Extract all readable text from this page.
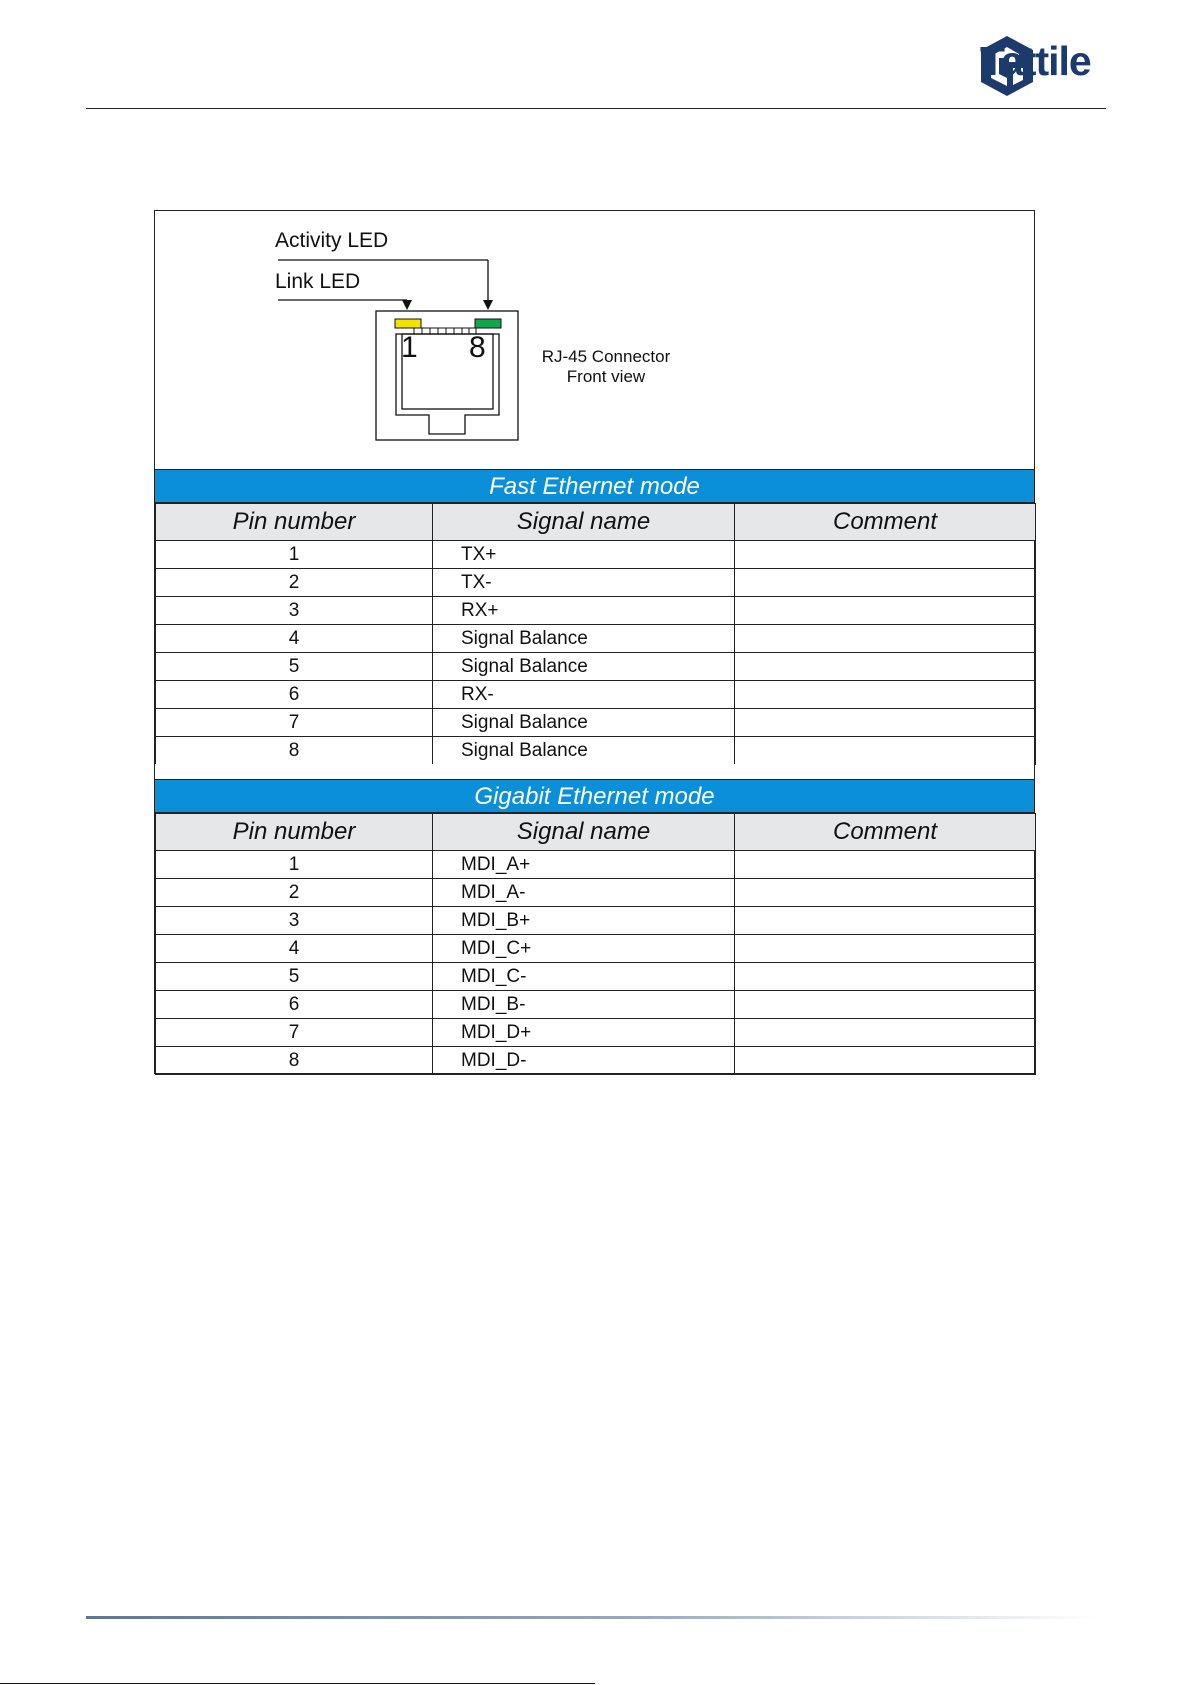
Tattile
Activity LED
Link LED
1 8	RJ-45 Connector
Front view
Fast Ethernet mode
Pin number	Signal name	Comment
1	TX+	
2	TX-	
3	RX+	
4	Signal Balance	
5	Signal Balance	
6	RX-	
7	Signal Balance	
8	Signal Balance	
Gigabit Ethernet mode
Pin number	Signal name	Comment
1	MDI_A+	
2	MDI_A-	
3	MDI_B+	
4	MDI_C+	
5	MDI_C-	
6	MDI_B-	
7	MDI_D+	
8	MDI_D-	
